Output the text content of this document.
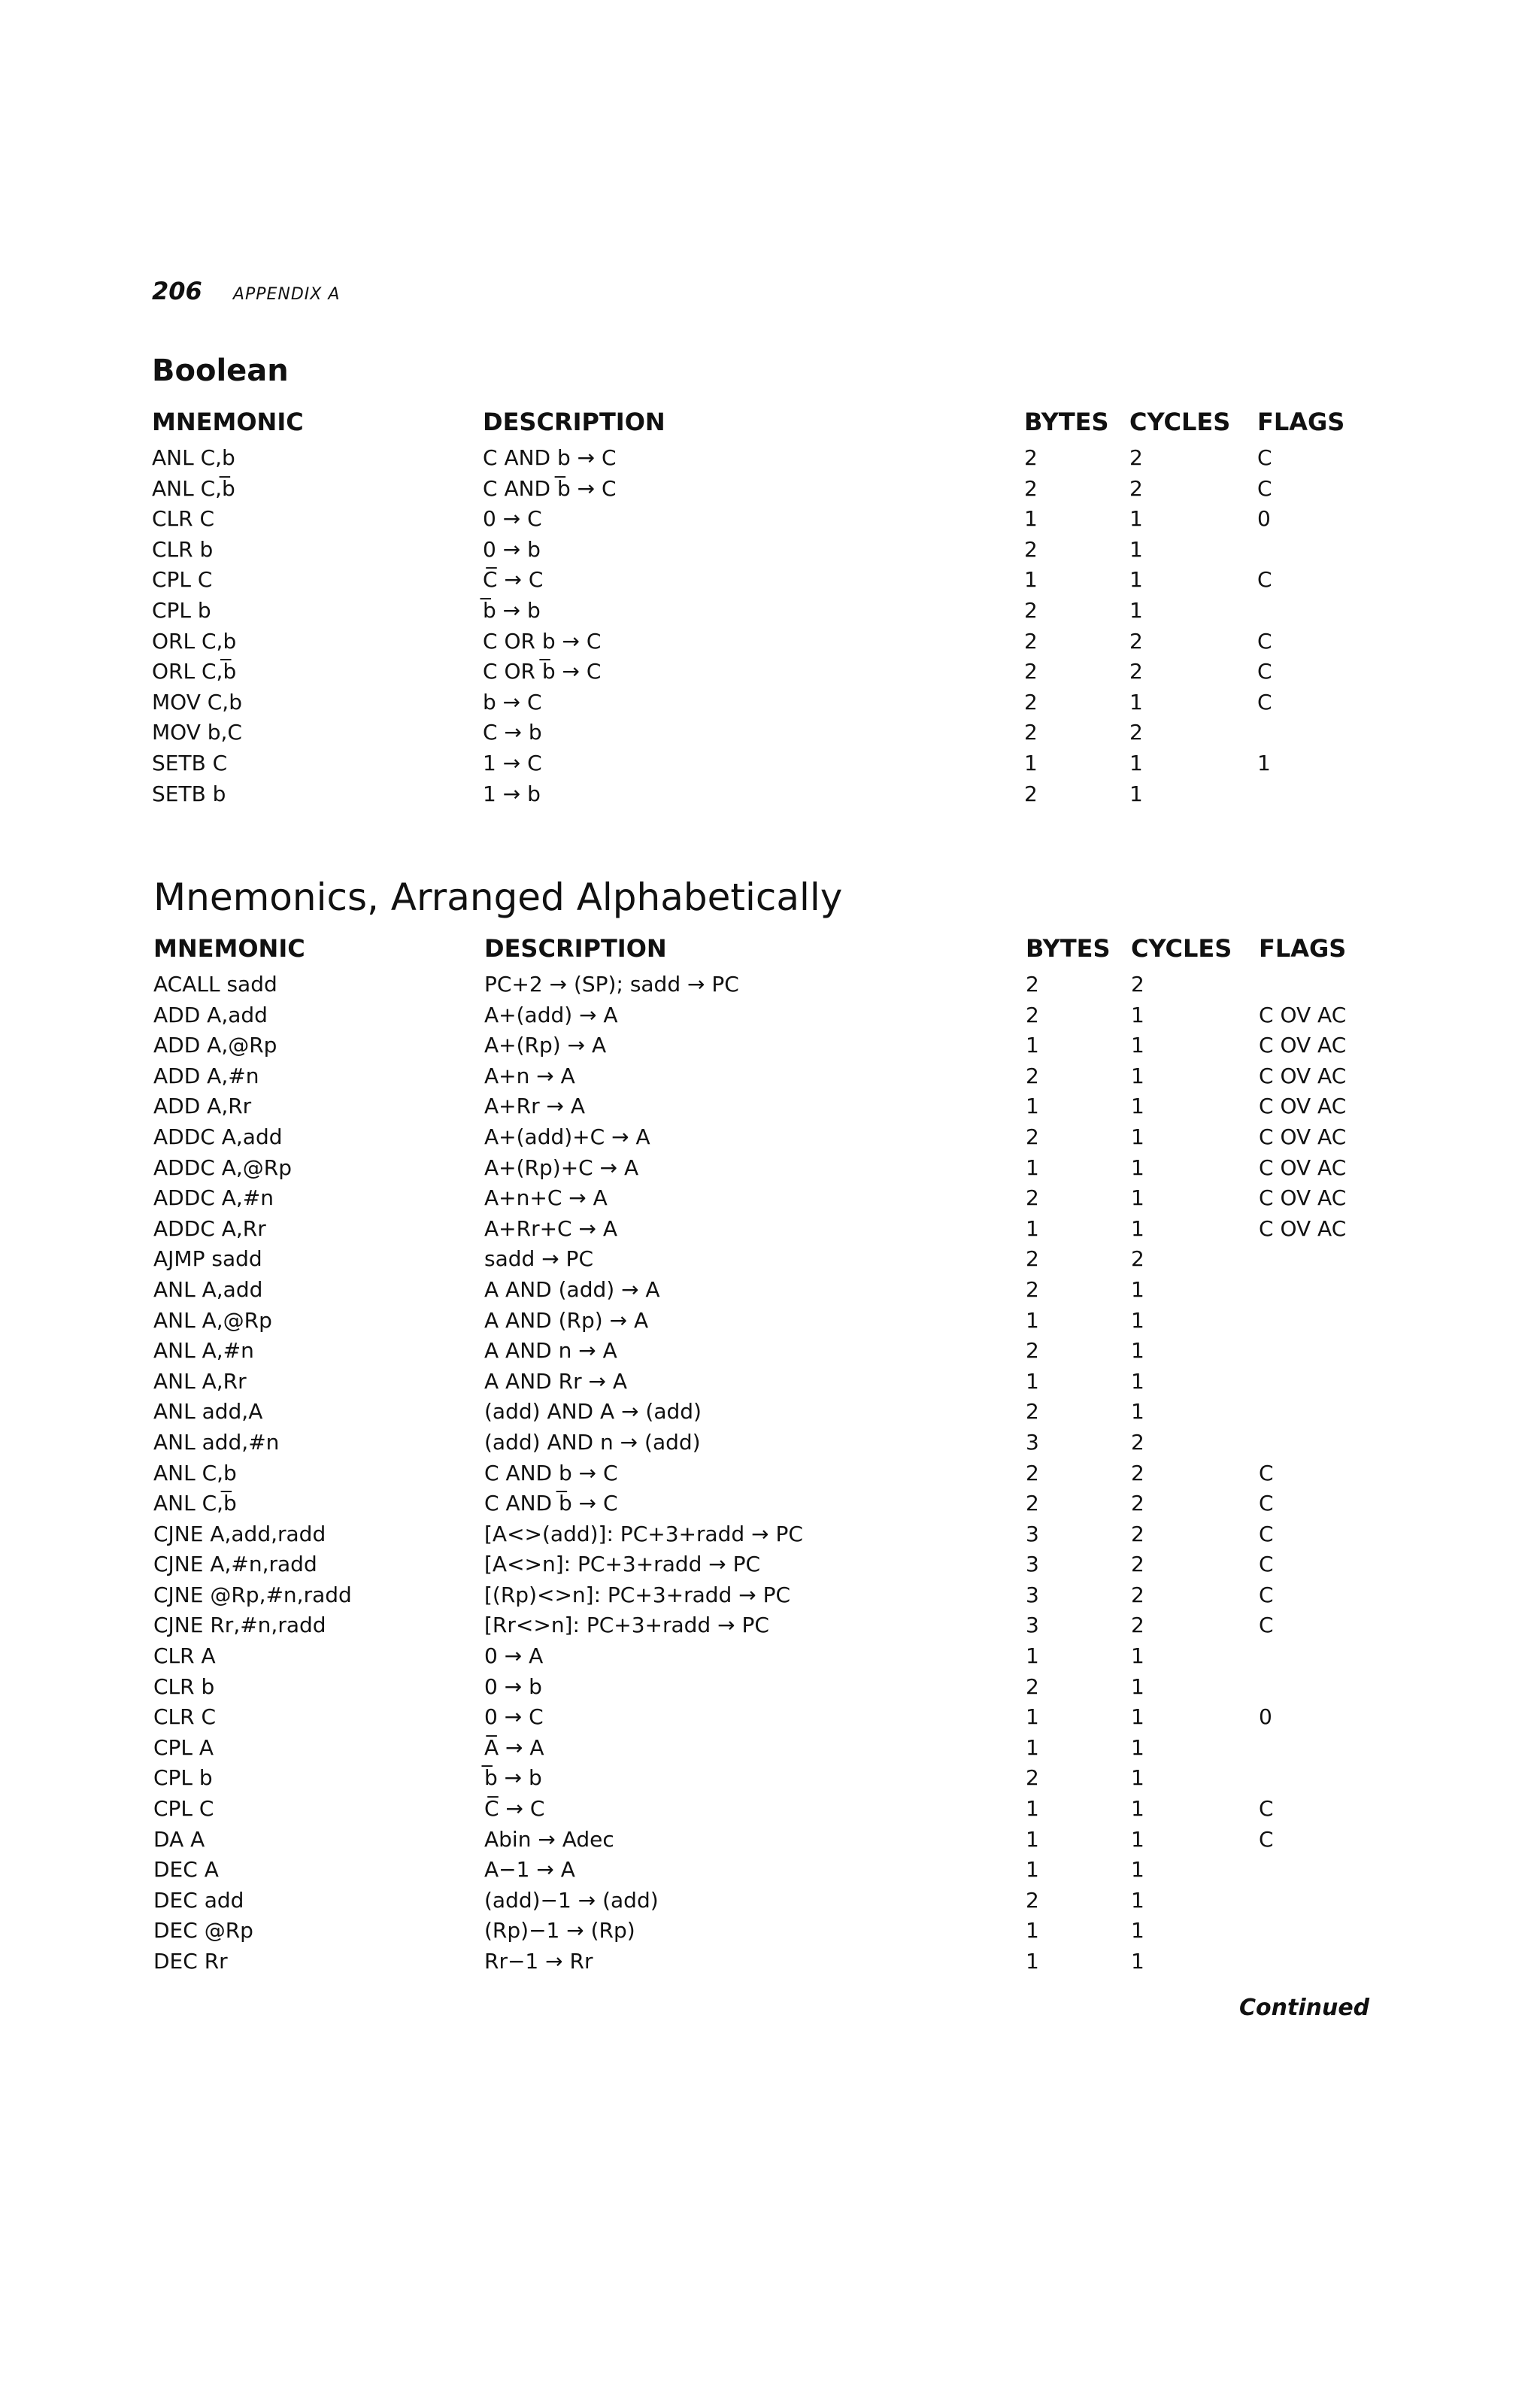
206 APPENDIX A
Boolean
MNEMONIC	DESCRIPTION	BYTES CYCLES FLAGS
ANL C,b	C AND b → C	2	2	C
ANL C,b̅	C AND b̅ → C	2	2	C
CLR C	0 → C	1	1	0
CLR b	0 → b	2	1
CPL C	C̅ → C	1	1	C
CPL b	b̅ → b	2	1
ORL C,b	C OR b → C	2	2	C
ORL C,b̅	C OR b̅ → C	2	2	C
MOV C,b	b → C	2	1	C
MOV b,C	C → b	2	2
SETB C	1 → C	1	1	1
SETB b	1 → b	2	1
Mnemonics, Arranged Alphabetically
MNEMONIC	DESCRIPTION	BYTES CYCLES FLAGS
ACALL sadd	PC+2 → (SP); sadd → PC	2	2
ADD A,add	A+(add) → A	2	1	C OV AC
ADD A,@Rp	A+(Rp) → A	1	1	C OV AC
ADD A,#n	A+n → A	2	1	C OV AC
ADD A,Rr	A+Rr → A	1	1	C OV AC
ADDC A,add	A+(add)+C → A	2	1	C OV AC
ADDC A,@Rp	A+(Rp)+C → A	1	1	C OV AC
ADDC A,#n	A+n+C → A	2	1	C OV AC
ADDC A,Rr	A+Rr+C → A	1	1	C OV AC
AJMP sadd	sadd → PC	2	2
ANL A,add	A AND (add) → A	2	1
ANL A,@Rp	A AND (Rp) → A	1	1
ANL A,#n	A AND n → A	2	1
ANL A,Rr	A AND Rr → A	1	1
ANL add,A	(add) AND A → (add)	2	1
ANL add,#n	(add) AND n → (add)	3	2
ANL C,b	C AND b → C	2	2	C
ANL C,b̅	C AND b̅ → C	2	2	C
CJNE A,add,radd	[A<>(add)]: PC+3+radd → PC	3	2	C
CJNE A,#n,radd	[A<>n]: PC+3+radd → PC	3	2	C
CJNE @Rp,#n,radd	[(Rp)<>n]: PC+3+radd → PC	3	2	C
CJNE Rr,#n,radd	[Rr<>n]: PC+3+radd → PC	3	2	C
CLR A	0 → A	1	1
CLR b	0 → b	2	1
CLR C	0 → C	1	1	0
CPL A	A̅ → A	1	1
CPL b	b̅ → b	2	1
CPL C	C̅ → C	1	1	C
DA A	Abin → Adec	1	1	C
DEC A	A−1 → A	1	1
DEC add	(add)−1 → (add)	2	1
DEC @Rp	(Rp)−1 → (Rp)	1	1
DEC Rr	Rr−1 → Rr	1	1
Continued
